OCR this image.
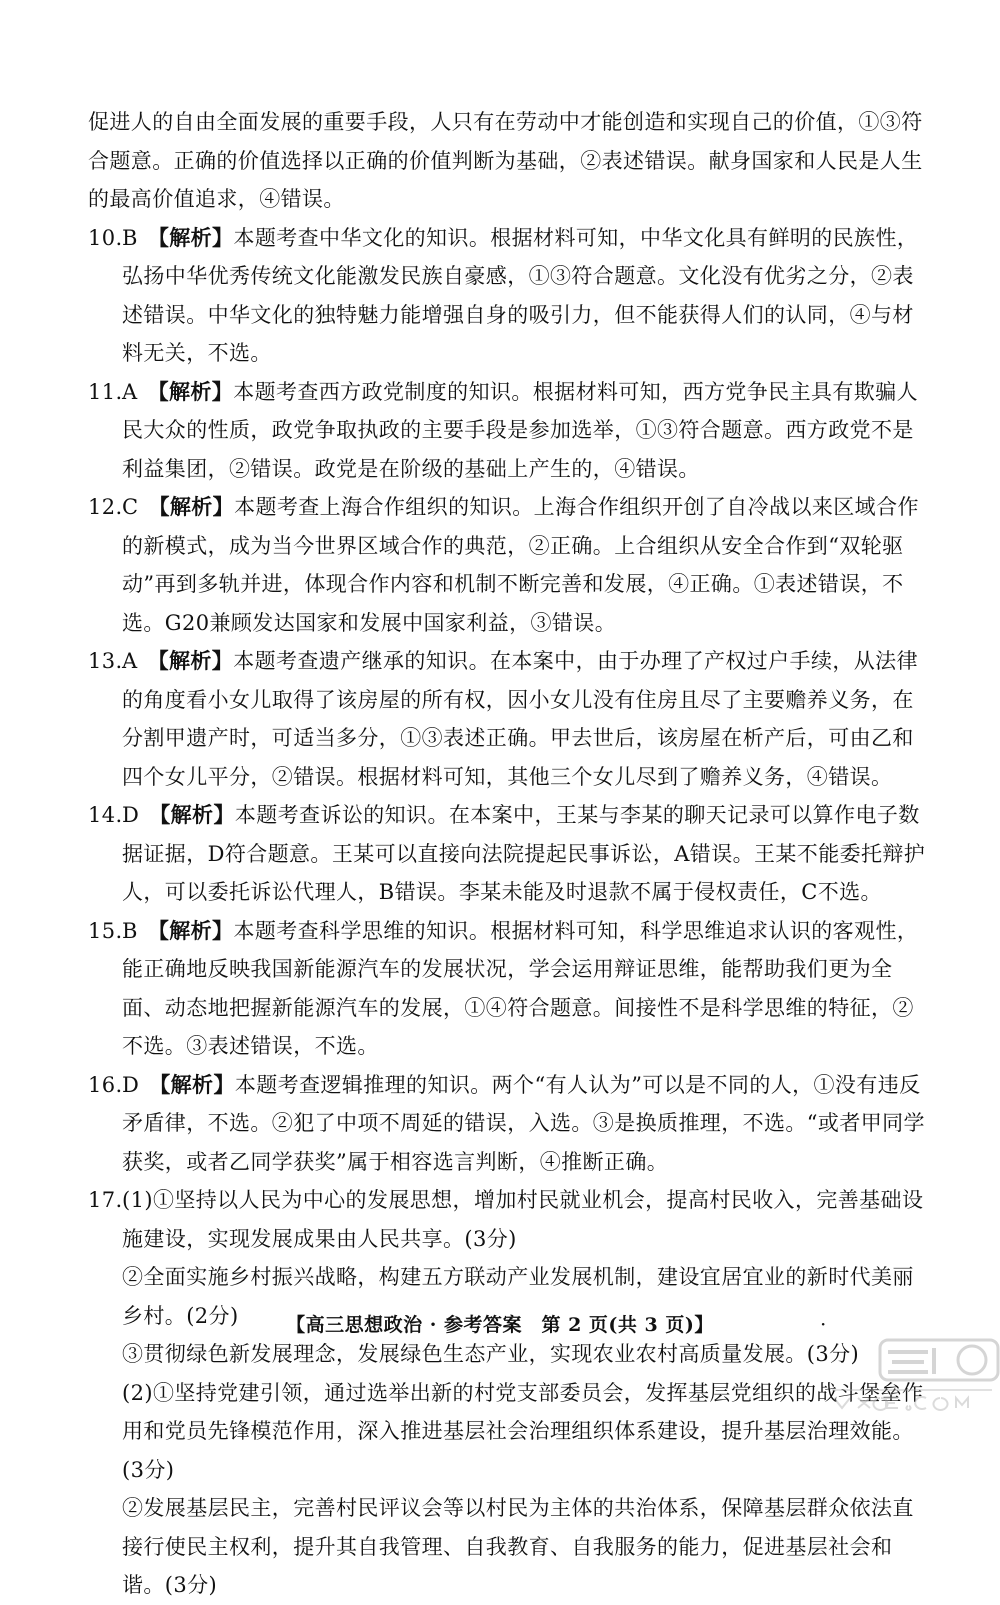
促进人的自由全面发展的重要手段，人只有在劳动中才能创造和实现自己的价值，①③符合题意。正确的价值选择以正确的价值判断为基础，②表述错误。献身国家和人民是人生的最高价值追求，④错误。

10. B 【解析】本题考查中华文化的知识。根据材料可知，中华文化具有鲜明的民族性，弘扬中华优秀传统文化能激发民族自豪感，①③符合题意。文化没有优劣之分，②表述错误。中华文化的独特魅力能增强自身的吸引力，但不能获得人们的认同，④与材料无关，不选。
11. A 【解析】本题考查西方政党制度的知识。根据材料可知，西方党争民主具有欺骗人民大众的性质，政党争取执政的主要手段是参加选举，①③符合题意。西方政党不是利益集团，②错误。政党是在阶级的基础上产生的，④错误。
12. C 【解析】本题考查上海合作组织的知识。上海合作组织开创了自冷战以来区域合作的新模式，成为当今世界区域合作的典范，②正确。上合组织从安全合作到“双轮驱动”再到多轨并进，体现合作内容和机制不断完善和发展，④正确。①表述错误，不选。G20兼顾发达国家和发展中国家利益，③错误。
13. A 【解析】本题考查遗产继承的知识。在本案中，由于办理了产权过户手续，从法律的角度看小女儿取得了该房屋的所有权，因小女儿没有住房且尽了主要赡养义务，在分割甲遗产时，可适当多分，①③表述正确。甲去世后，该房屋在析产后，可由乙和四个女儿平分，②错误。根据材料可知，其他三个女儿尽到了赡养义务，④错误。
14. D 【解析】本题考查诉讼的知识。在本案中，王某与李某的聊天记录可以算作电子数据证据，D符合题意。王某可以直接向法院提起民事诉讼，A错误。王某不能委托辩护人，可以委托诉讼代理人，B错误。李某未能及时退款不属于侵权责任，C不选。
15. B 【解析】本题考查科学思维的知识。根据材料可知，科学思维追求认识的客观性，能正确地反映我国新能源汽车的发展状况，学会运用辩证思维，能帮助我们更为全面、动态地把握新能源汽车的发展，①④符合题意。间接性不是科学思维的特征，②不选。③表述错误，不选。
16. D 【解析】本题考查逻辑推理的知识。两个“有人认为”可以是不同的人，①没有违反矛盾律，不选。②犯了中项不周延的错误，入选。③是换质推理，不选。“或者甲同学获奖，或者乙同学获奖”属于相容选言判断，④推断正确。
17. (1)①坚持以人民为中心的发展思想，增加村民就业机会，提高村民收入，完善基础设施建设，实现发展成果由人民共享。(3分)

②全面实施乡村振兴战略，构建五方联动产业发展机制，建设宜居宜业的新时代美丽乡村。(2分)

③贯彻绿色新发展理念，发展绿色生态产业，实现农业农村高质量发展。(3分)

(2)①坚持党建引领，通过选举出新的村党支部委员会，发挥基层党组织的战斗堡垒作用和党员先锋模范作用，深入推进基层社会治理组织体系建设，提升基层治理效能。(3分)

②发展基层民主，完善村民评议会等以村民为主体的共治体系，保障基层群众依法直接行使民主权利，提升其自我管理、自我教育、自我服务的能力，促进基层社会和谐。(3分)

【高三思想政治 · 参考答案　第 2 页(共 3 页)】	·
